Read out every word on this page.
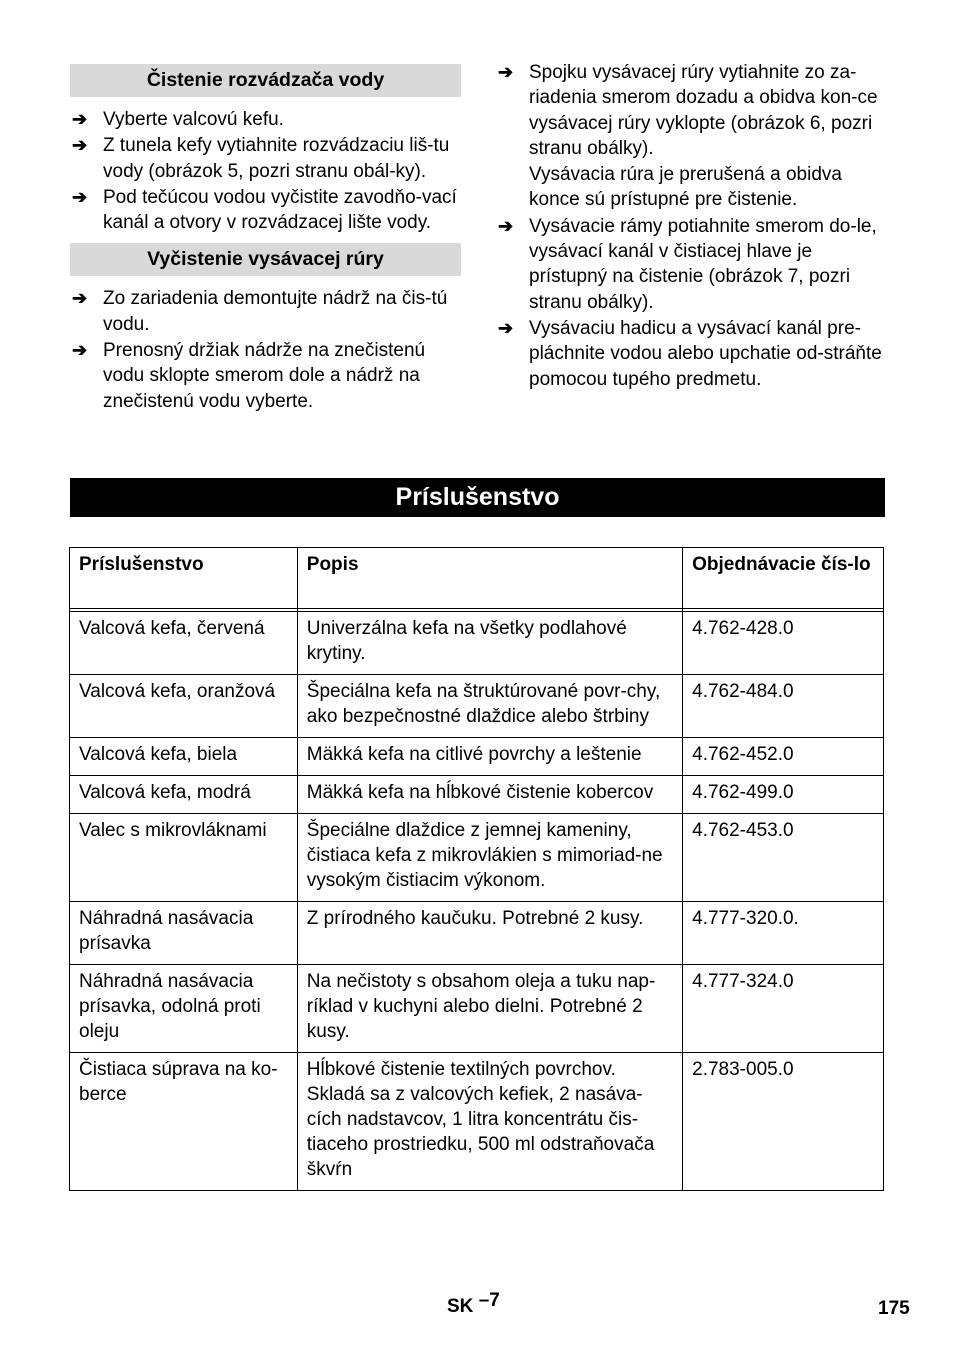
Čistenie rozvádzača vody
➔ Vyberte valcovú kefu.
➔ Z tunela kefy vytiahnite rozvádzaciu liš-tu vody (obrázok 5, pozri stranu obál-ky).
➔ Pod tečúcou vodou vyčistite zavodňo-vací kanál a otvory v rozvádzacej lište vody.
Vyčistenie vysávacej rúry
➔ Zo zariadenia demontujte nádrž na čis-tú vodu.
➔ Prenosný držiak nádrže na znečistenú vodu sklopte smerom dole a nádrž na znečistenú vodu vyberte.
➔ Spojku vysávacej rúry vytiahnite zo za-riadenia smerom dozadu a obidva kon-ce vysávacej rúry vyklopte (obrázok 6, pozri stranu obálky).
Vysávacia rúra je prerušená a obidva konce sú prístupné pre čistenie.
➔ Vysávacie rámy potiahnite smerom do-le, vysávací kanál v čistiacej hlave je prístupný na čistenie (obrázok 7, pozri stranu obálky).
➔ Vysávaciu hadicu a vysávací kanál pre-pláchnite vodou alebo upchatie od-stráňte pomocou tupého predmetu.
Príslušenstvo
Príslušenstvo	Popis	Objednávacie čís-lo

Valcová kefa, červená	Univerzálna kefa na všetky podlahové krytiny.	4.762-428.0
Valcová kefa, oranžová	Špeciálna kefa na štruktúrované povr-chy, ako bezpečnostné dlaždice alebo štrbiny	4.762-484.0
Valcová kefa, biela	Mäkká kefa na citlivé povrchy a leštenie	4.762-452.0
Valcová kefa, modrá	Mäkká kefa na hĺbkové čistenie kobercov	4.762-499.0
Valec s mikrovláknami	Špeciálne dlaždice z jemnej kameniny, čistiaca kefa z mikrovlákien s mimoriad-ne vysokým čistiacim výkonom.	4.762-453.0
Náhradná nasávacia prísavka	Z prírodného kaučuku. Potrebné 2 kusy.	4.777-320.0.
Náhradná nasávacia prísavka, odolná proti oleju	Na nečistoty s obsahom oleja a tuku nap-ríklad v kuchyni alebo dielni. Potrebné 2 kusy.	4.777-324.0
Čistiaca súprava na ko-berce	Hĺbkové čistenie textilných povrchov. Skladá sa z valcových kefiek, 2 nasáva-cích nadstavcov, 1 litra koncentrátu čis-tiaceho prostriedku, 500 ml odstraňovača škvŕn	2.783-005.0
SK –7	175
